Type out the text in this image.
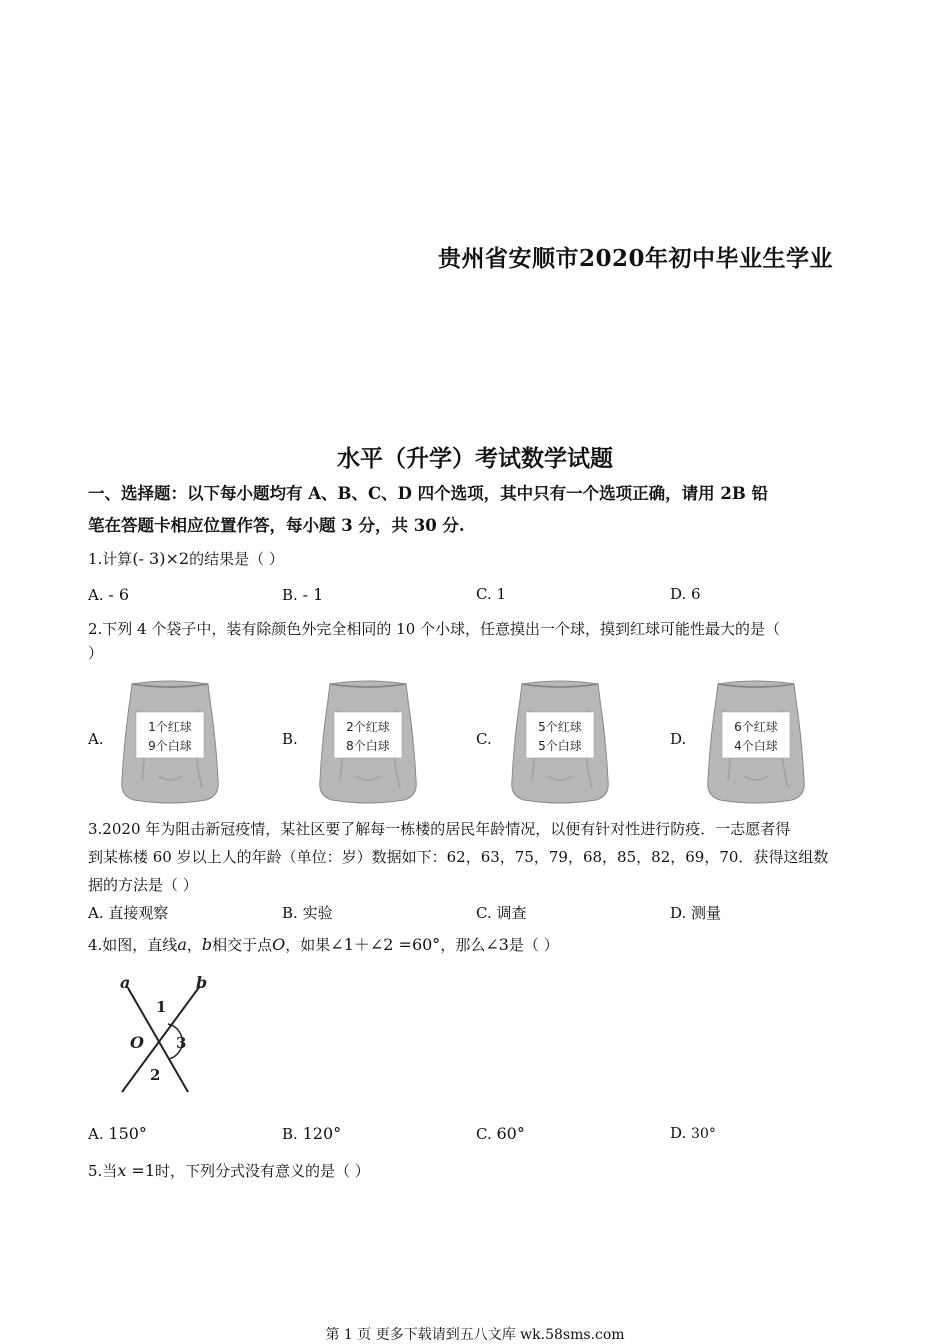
贵州省安顺市2020年初中毕业生学业
水平（升学）考试数学试题
一、选择题：以下每小题均有 A、B、C、D 四个选项，其中只有一个选项正确，请用 2B 铅
笔在答题卡相应位置作答，每小题 3 分，共 30 分.
1.计算(- 3)×2的结果是（ ）
A. - 6	B. - 1	C. 1	D. 6
2.下列 4 个袋子中，装有除颜色外完全相同的 10 个小球，任意摸出一个球，摸到红球可能性最大的是（
）
A.	B.	C.	D.
1个红球
9个白球
2个红球
8个白球
5个红球
5个白球
6个红球
4个白球
3.2020 年为阻击新冠疫情，某社区要了解每一栋楼的居民年龄情况，以便有针对性进行防疫．一志愿者得
到某栋楼 60 岁以上人的年龄（单位：岁）数据如下：62，63，75，79，68，85，82，69，70．获得这组数
据的方法是（ ）
A. 直接观察	B. 实验	C. 调查	D. 测量
4.如图，直线a，b相交于点O，如果∠1＋∠2 =60°，那么∠3是（ ）
a	b
1
O 3
2
A. 150°	B. 120°	C. 60°	D. 30°
5.当x =1时，下列分式没有意义的是（ ）
第 1 页 更多下载请到五八文库 wk.58sms.com
